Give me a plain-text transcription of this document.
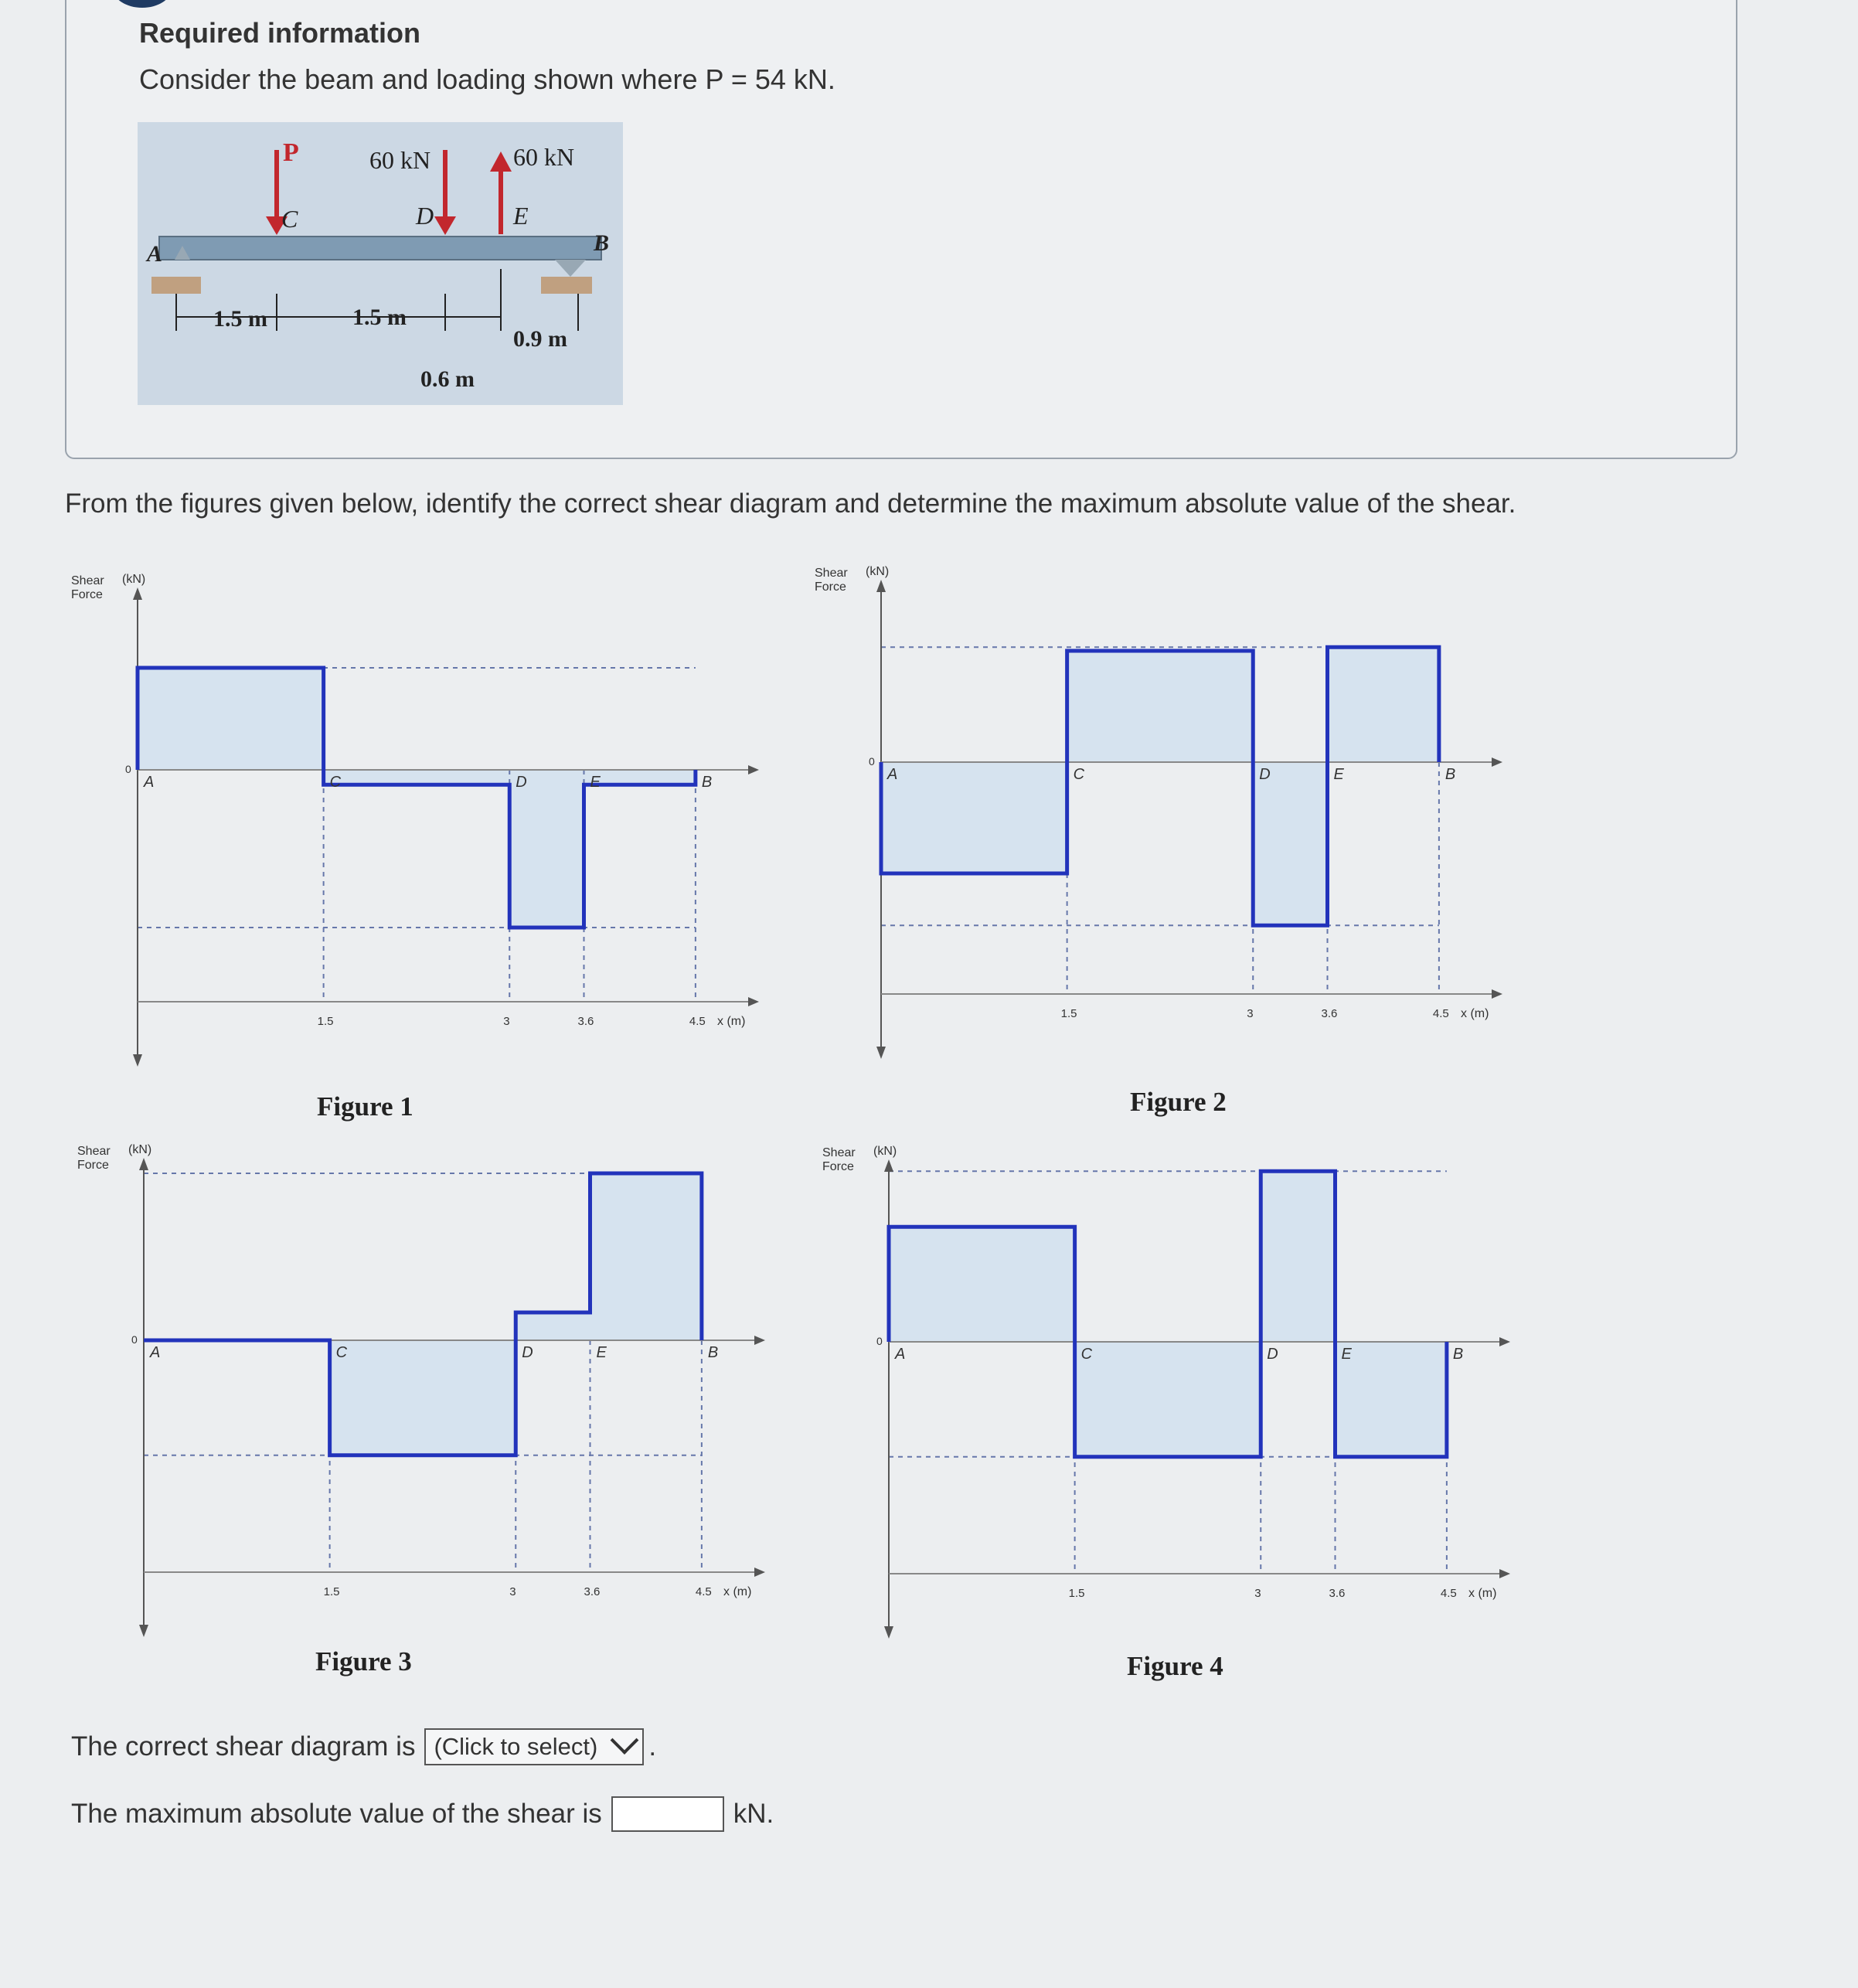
Required information
Consider the beam and loading shown where P = 54 kN.
P	60 kN	60 kN
C	D	E
A	B
1.5 m	1.5 m
0.9 m
0.6 m
From the figures given below, identify the correct shear diagram and determine the maximum absolute value of the shear.
Shear
Force
(kN)
0
x (m)
1.5	3	3.6	4.5
A	C	D	E	B
Shear
Force
(kN)
0
x (m)
1.5	3	3.6	4.5
A	C	D	E	B
Shear
Force
(kN)
0
x (m)
1.5	3	3.6	4.5
A	C	D	E	B
Shear
Force
(kN)
0
x (m)
1.5	3	3.6	4.5
A	C	D	E	B
Figure 1	Figure 2
Figure 3	Figure 4
The correct shear diagram is (Click to select) .
The maximum absolute value of the shear is	kN.
